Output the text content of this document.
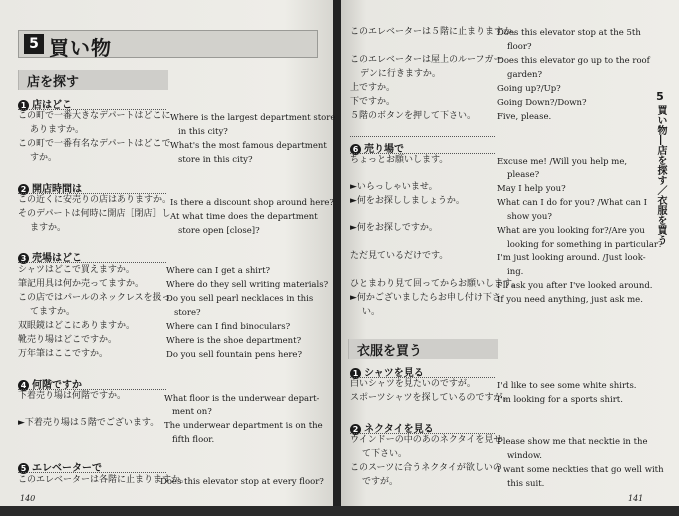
5 買い物
店を探す
1 店はどこ
この町で一番大きなデパートはどこに
ありますか。
この町で一番有名なデパートはどこで
すか。
Where is the largest department store
in this city?
What's the most famous department
store in this city?
2 開店時間は
この近くに安売りの店はありますか。
そのデパートは何時に開店［閉店］し
ますか。
Is there a discount shop around here?
At what time does the department
store open [close]?
3 売場はどこ
シャツはどこで買えますか。
筆記用具は何か売ってますか。
この店ではパールのネックレスを扱っ
てますか。
双眼鏡はどこにありますか。
靴売り場はどこですか。
万年筆はここですか。
Where can I get a shirt?
Where do they sell writing materials?
Do you sell pearl necklaces in this
store?
Where can I find binoculars?
Where is the shoe department?
Do you sell fountain pens here?
4 何階ですか
下着売り場は何階ですか。
►下着売り場は５階でございます。
What floor is the underwear depart-
ment on?
The underwear department is on the
fifth floor.
5 エレベーターで
このエレベーターは各階に止まりますか。
Does this elevator stop at every floor?
140
このエレベーターは５階に止まりますか。
このエレベーターは屋上のルーフガー
デンに行きますか。
上ですか。
下ですか。
５階のボタンを押して下さい。
Does this elevator stop at the 5th
floor?
Does this elevator go up to the roof
garden?
Going up?/Up?
Going Down?/Down?
Five, please.
6 売り場で
ちょっとお願いします。
►いらっしゃいませ。
►何をお探ししましょうか。
►何をお探しですか。
ただ見ているだけです。
ひとまわり見て回ってからお願いします。
►何かございましたらお申し付け下さ
い。
Excuse me! /Will you help me,
please?
May I help you?
What can I do for you? /What can I
show you?
What are you looking for?/Are you
looking for something in particular?
I'm just looking around. /Just look-
ing.
I'll ask you after I've looked around.
If you need anything, just ask me.
衣服を買う
1 シャツを見る
白いシャツを見たいのですが。
スポーツシャツを探しているのですが。
I'd like to see some white shirts.
I'm looking for a sports shirt.
2 ネクタイを見る
ウインドーの中のあのネクタイを見せ
て下さい。
このスーツに合うネクタイが欲しいの
ですが。
Please show me that necktie in the
window.
I want some neckties that go well with
this suit.
141
5
買い物―店を探す／衣服を買う
